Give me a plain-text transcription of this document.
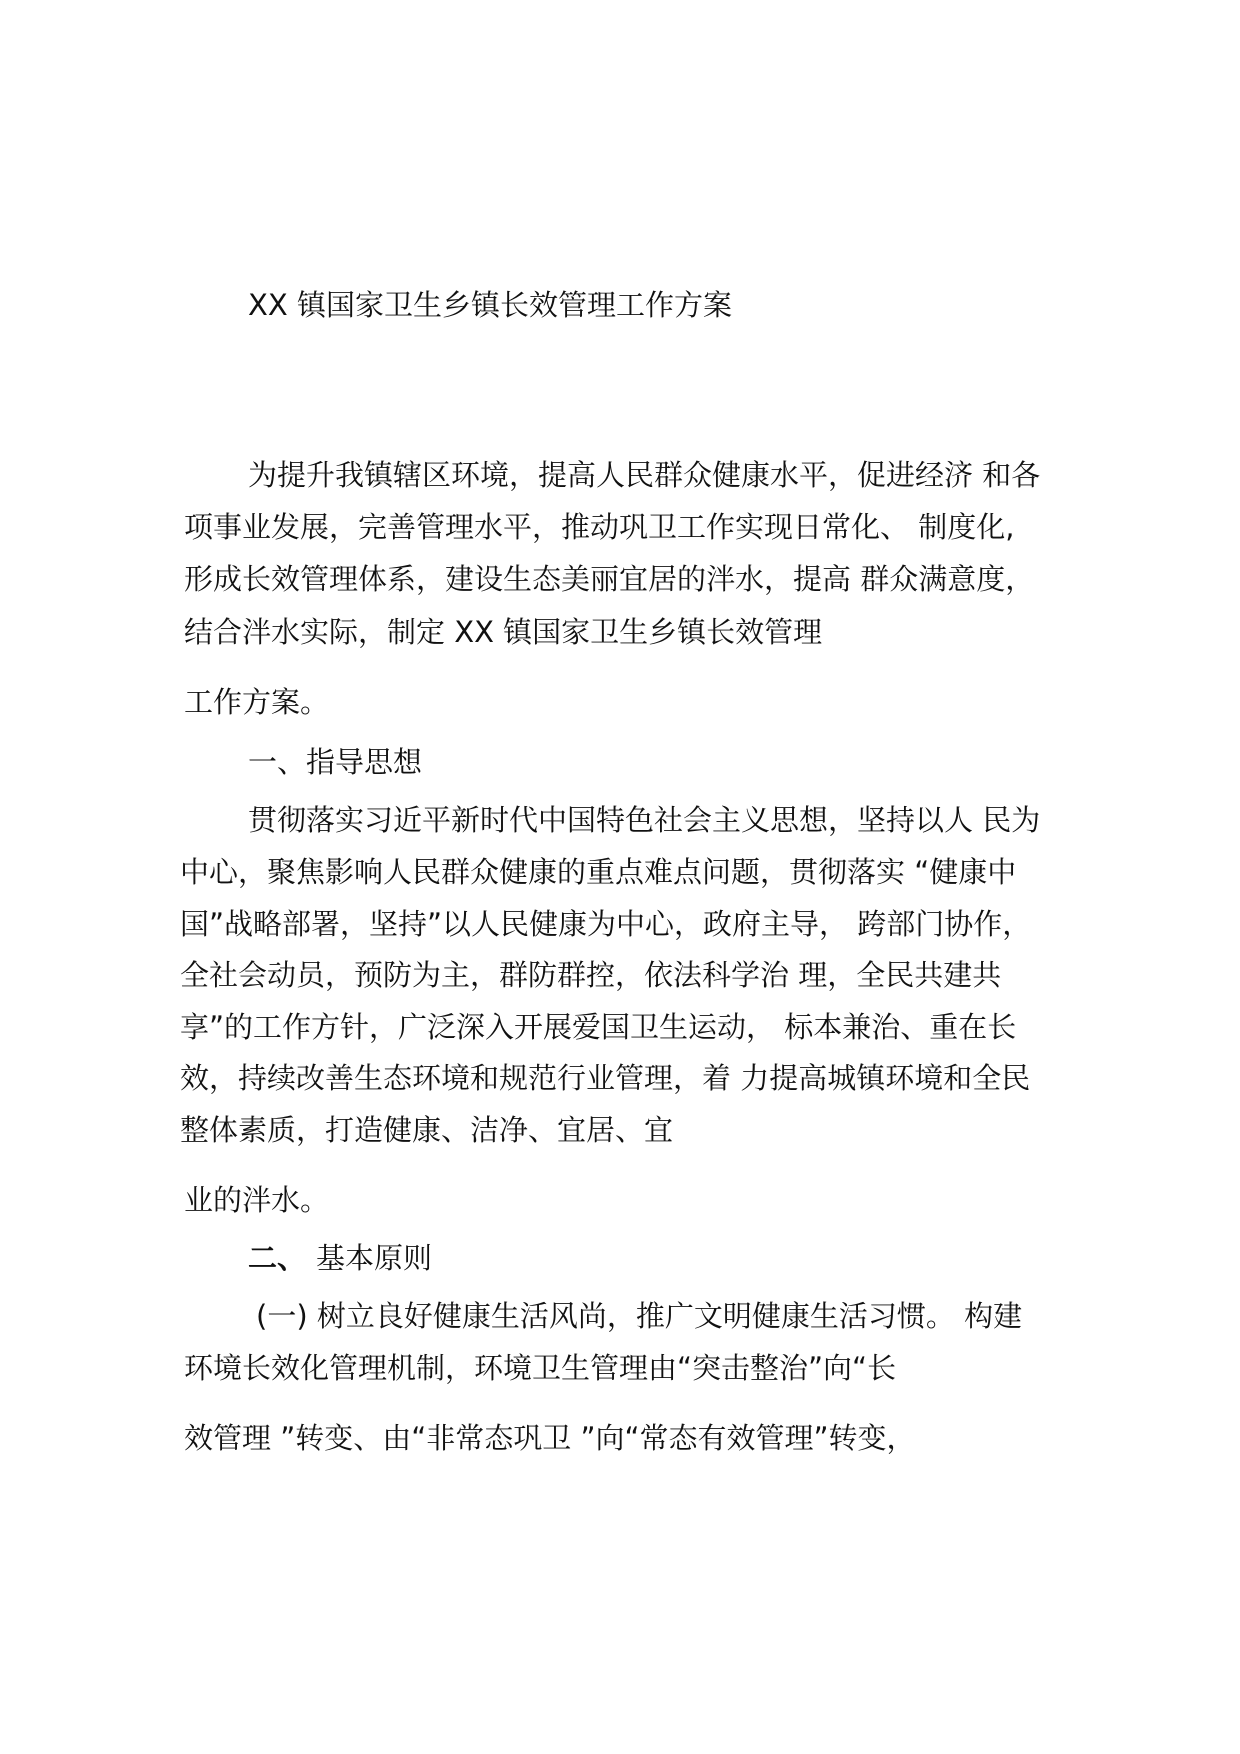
XX 镇国家卫生乡镇长效管理工作方案
为提升我镇辖区环境，提高人民群众健康水平，促进经济 和各
项事业发展，完善管理水平，推动巩卫工作实现日常化、 制度化,
形成长效管理体系，建设生态美丽宜居的泮水，提高 群众满意度，
结合泮水实际，制定 XX 镇国家卫生乡镇长效管理
工作方案。
一、指导思想
贯彻落实习近平新时代中国特色社会主义思想，坚持以人 民为
中心，聚焦影响人民群众健康的重点难点问题，贯彻落实 “健康中
国”战略部署，坚持”以人民健康为中心，政府主导， 跨部门协作，
全社会动员，预防为主，群防群控，依法科学治 理，全民共建共
享”的工作方针，广泛深入开展爱国卫生运动， 标本兼治、重在长
效，持续改善生态环境和规范行业管理，着 力提高城镇环境和全民
整体素质，打造健康、洁净、宜居、宜
业的泮水。
二、 基本原则
(一) 树立良好健康生活风尚，推广文明健康生活习惯。 构建
环境长效化管理机制，环境卫生管理由“突击整治”向“长
效管理 ”转变、由“非常态巩卫 ”向“常态有效管理”转变，
